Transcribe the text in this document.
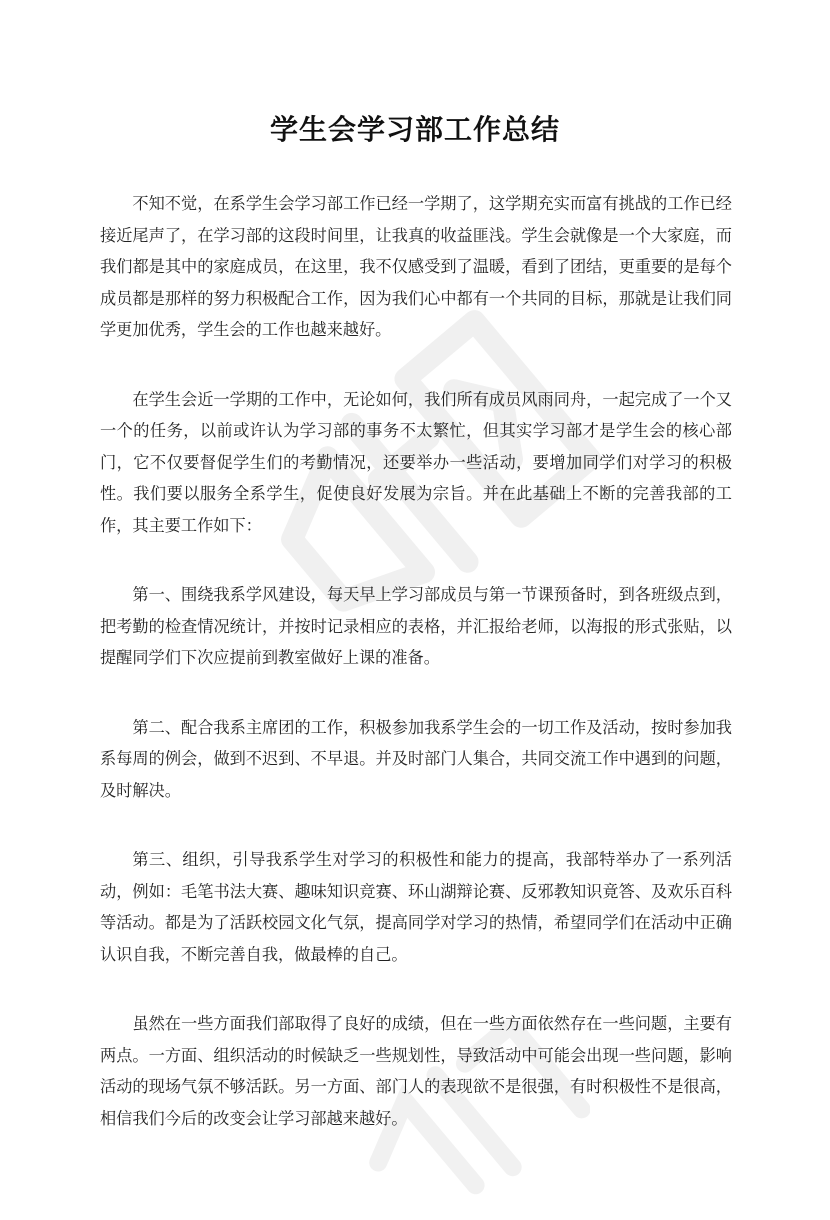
学生会学习部工作总结

不知不觉，在系学生会学习部工作已经一学期了，这学期充实而富有挑战的工作已经接近尾声了，在学习部的这段时间里，让我真的收益匪浅。学生会就像是一个大家庭，而我们都是其中的家庭成员，在这里，我不仅感受到了温暖，看到了团结，更重要的是每个成员都是那样的努力积极配合工作，因为我们心中都有一个共同的目标，那就是让我们同学更加优秀，学生会的工作也越来越好。

在学生会近一学期的工作中，无论如何，我们所有成员风雨同舟，一起完成了一个又一个的任务，以前或许认为学习部的事务不太繁忙，但其实学习部才是学生会的核心部门，它不仅要督促学生们的考勤情况，还要举办一些活动，要增加同学们对学习的积极性。我们要以服务全系学生，促使良好发展为宗旨。并在此基础上不断的完善我部的工作，其主要工作如下：

第一、围绕我系学风建设，每天早上学习部成员与第一节课预备时，到各班级点到，把考勤的检查情况统计，并按时记录相应的表格，并汇报给老师，以海报的形式张贴，以提醒同学们下次应提前到教室做好上课的准备。

第二、配合我系主席团的工作，积极参加我系学生会的一切工作及活动，按时参加我系每周的例会，做到不迟到、不早退。并及时部门人集合，共同交流工作中遇到的问题，及时解决。

第三、组织，引导我系学生对学习的积极性和能力的提高，我部特举办了一系列活动，例如：毛笔书法大赛、趣味知识竞赛、环山湖辩论赛、反邪教知识竟答、及欢乐百科等活动。都是为了活跃校园文化气氛，提高同学对学习的热情，希望同学们在活动中正确认识自我，不断完善自我，做最棒的自己。

虽然在一些方面我们部取得了良好的成绩，但在一些方面依然存在一些问题，主要有两点。一方面、组织活动的时候缺乏一些规划性，导致活动中可能会出现一些问题，影响活动的现场气氛不够活跃。另一方面、部门人的表现欲不是很强，有时积极性不是很高，相信我们今后的改变会让学习部越来越好。
